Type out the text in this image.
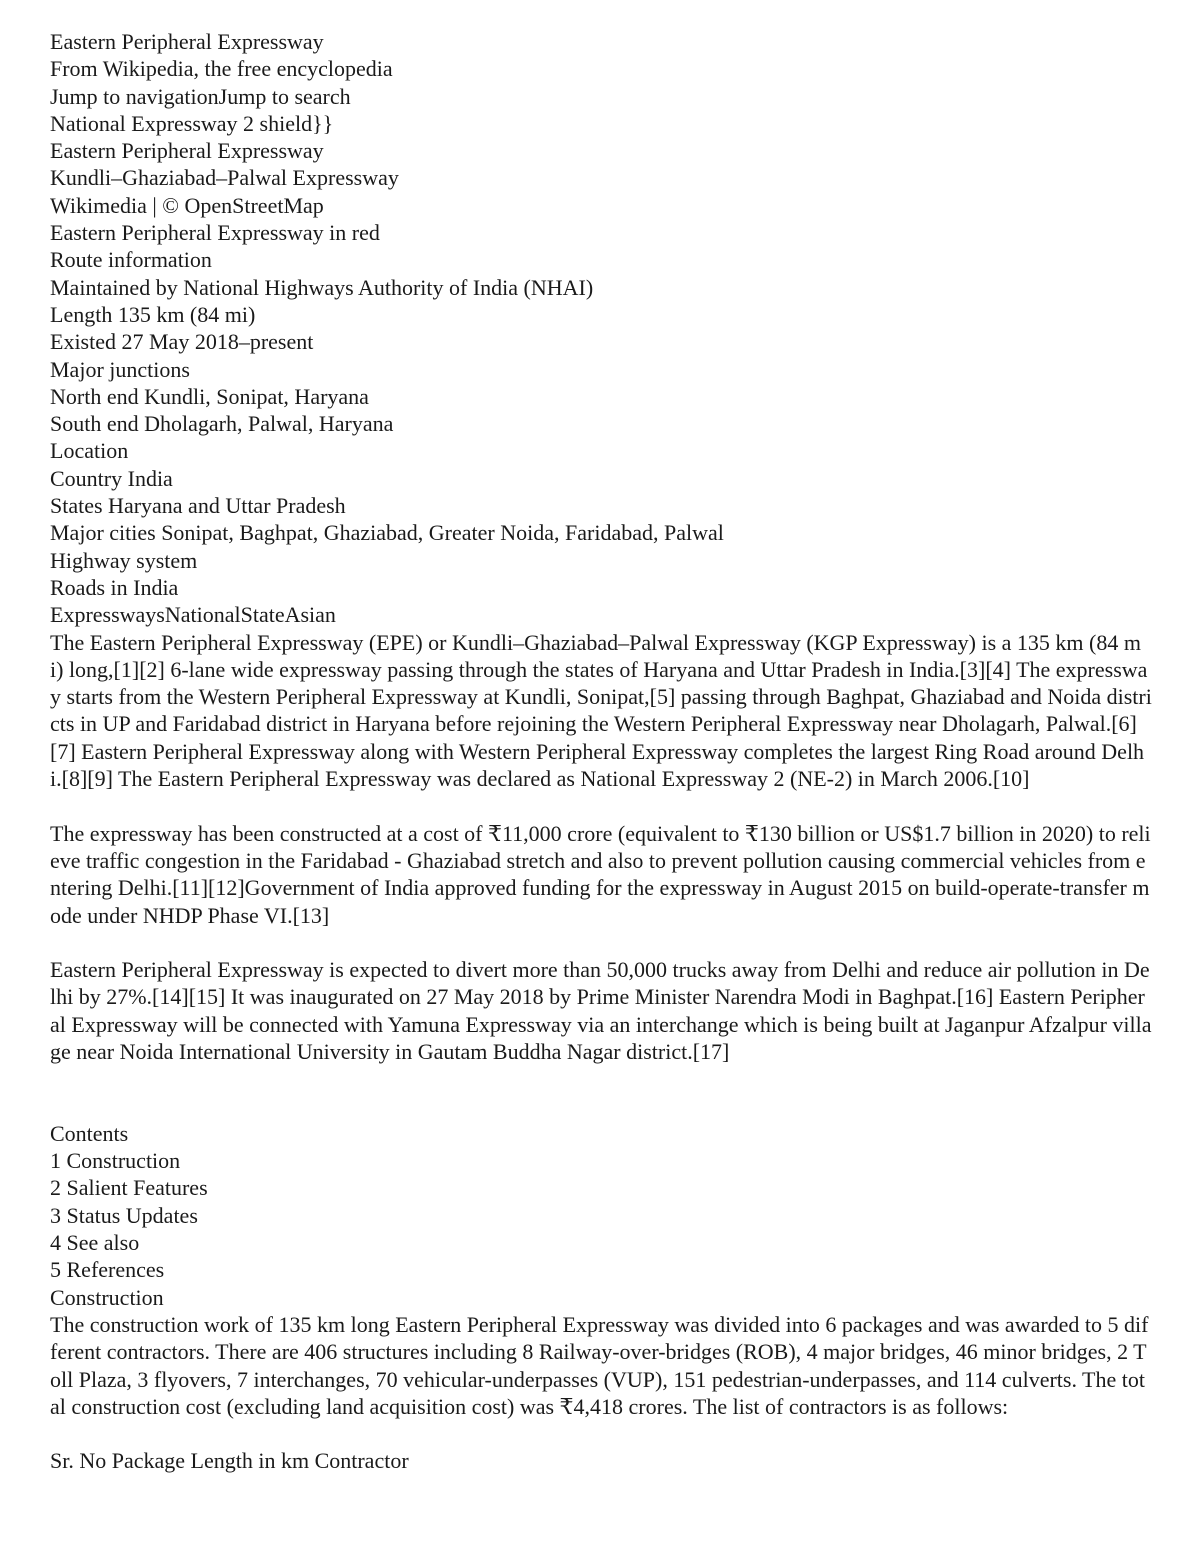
Eastern Peripheral Expressway
From Wikipedia, the free encyclopedia
Jump to navigationJump to search
National Expressway 2 shield}}
Eastern Peripheral Expressway
Kundli–Ghaziabad–Palwal Expressway
Wikimedia | © OpenStreetMap
Eastern Peripheral Expressway in red
Route information
Maintained by National Highways Authority of India (NHAI)
Length 135 km (84 mi)
Existed 27 May 2018–present
Major junctions
North end Kundli, Sonipat, Haryana
South end Dholagarh, Palwal, Haryana
Location
Country India
States Haryana and Uttar Pradesh
Major cities Sonipat, Baghpat, Ghaziabad, Greater Noida, Faridabad, Palwal
Highway system
Roads in India
ExpresswaysNationalStateAsian

The Eastern Peripheral Expressway (EPE) or Kundli–Ghaziabad–Palwal Expressway (KGP Expressway) is a 135 km (84 mi) long,[1][2] 6-lane wide expressway passing through the states of Haryana and Uttar Pradesh in India.[3][4] The expressway starts from the Western Peripheral Expressway at Kundli, Sonipat,[5] passing through Baghpat, Ghaziabad and Noida districts in UP and Faridabad district in Haryana before rejoining the Western Peripheral Expressway near Dholagarh, Palwal.[6][7] Eastern Peripheral Expressway along with Western Peripheral Expressway completes the largest Ring Road around Delhi.[8][9] The Eastern Peripheral Expressway was declared as National Expressway 2 (NE-2) in March 2006.[10]

The expressway has been constructed at a cost of ₹11,000 crore (equivalent to ₹130 billion or US$1.7 billion in 2020) to relieve traffic congestion in the Faridabad - Ghaziabad stretch and also to prevent pollution causing commercial vehicles from entering Delhi.[11][12]Government of India approved funding for the expressway in August 2015 on build-operate-transfer mode under NHDP Phase VI.[13]

Eastern Peripheral Expressway is expected to divert more than 50,000 trucks away from Delhi and reduce air pollution in Delhi by 27%.[14][15] It was inaugurated on 27 May 2018 by Prime Minister Narendra Modi in Baghpat.[16] Eastern Peripheral Expressway will be connected with Yamuna Expressway via an interchange which is being built at Jaganpur Afzalpur village near Noida International University in Gautam Buddha Nagar district.[17]

Contents
1 Construction
2 Salient Features
3 Status Updates
4 See also
5 References
Construction

The construction work of 135 km long Eastern Peripheral Expressway was divided into 6 packages and was awarded to 5 different contractors. There are 406 structures including 8 Railway-over-bridges (ROB), 4 major bridges, 46 minor bridges, 2 Toll Plaza, 3 flyovers, 7 interchanges, 70 vehicular-underpasses (VUP), 151 pedestrian-underpasses, and 114 culverts. The total construction cost (excluding land acquisition cost) was ₹4,418 crores. The list of contractors is as follows:

Sr. No Package Length in km Contractor
